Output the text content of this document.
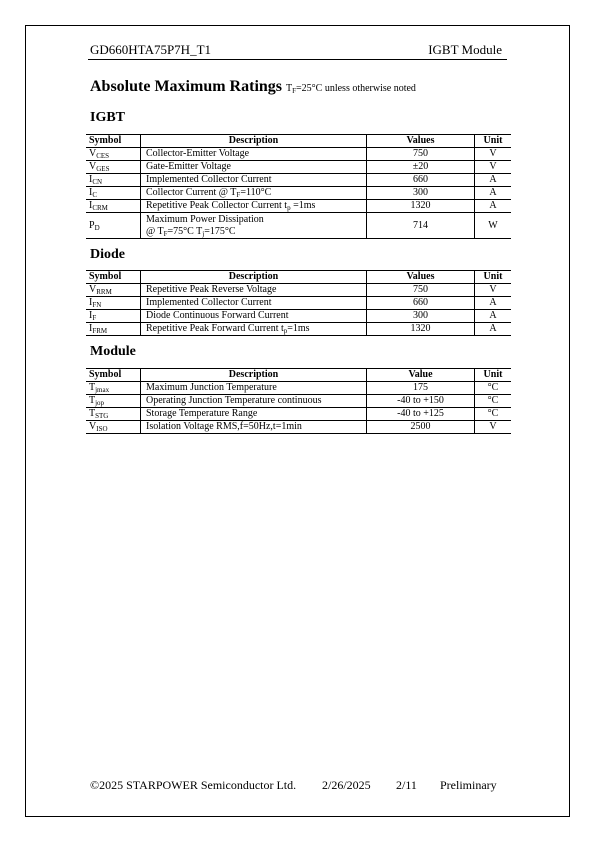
GD660HTA75P7H_T1	IGBT Module
Absolute Maximum Ratings $T_F=25^\circ C$ unless otherwise noted
IGBT
Symbol	Description	Values	Unit
$V_{CES}$	Collector-Emitter Voltage	750	V
$V_{GES}$	Gate-Emitter Voltage	±20	V
$I_{CN}$	Implemented Collector Current	660	A
$I_C$	Collector Current @ $T_F=110^\circ C$	300	A
$I_{CRM}$	Repetitive Peak Collector Current $t_p =1ms$	1320	A
$P_D$	Maximum Power Dissipation
@ $T_F=75^\circ C$ $T_j=175^\circ C$	714	W
Diode
Symbol	Description	Values	Unit
$V_{RRM}$	Repetitive Peak Reverse Voltage	750	V
$I_{FN}$	Implemented Collector Current	660	A
$I_F$	Diode Continuous Forward Current	300	A
$I_{FRM}$	Repetitive Peak Forward Current $t_p=1ms$	1320	A
Module
Symbol	Description	Value	Unit
$T_{jmax}$	Maximum Junction Temperature	175	°C
$T_{jop}$	Operating Junction Temperature continuous	-40 to +150	°C
$T_{STG}$	Storage Temperature Range	-40 to +125	°C
$V_{ISO}$	Isolation Voltage RMS,f=50Hz,t=1min	2500	V
©2025 STARPOWER Semiconductor Ltd. 2/26/2025 2/11 Preliminary
